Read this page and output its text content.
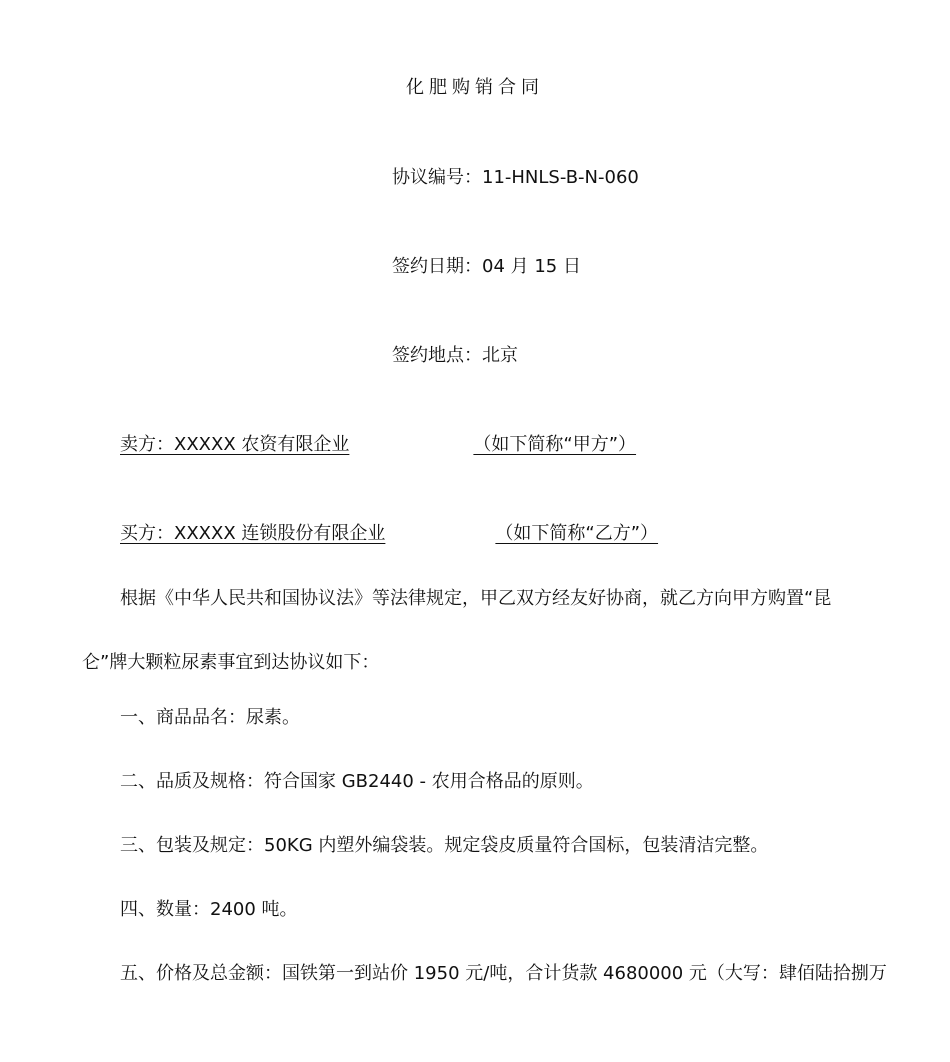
化肥购销合同
协议编号：11-HNLS-B-N-060
签约日期：04 月 15 日
签约地点：北京
卖方：XXXXX 农资有限企业	（如下简称“甲方”）
买方：XXXXX 连锁股份有限企业	（如下简称“乙方”）
根据《中华人民共和国协议法》等法律规定，甲乙双方经友好协商，就乙方向甲方购置“昆
仑”牌大颗粒尿素事宜到达协议如下：
一、商品品名：尿素。
二、品质及规格：符合国家 GB2440 - 农用合格品的原则。
三、包装及规定：50KG 内塑外编袋装。规定袋皮质量符合国标，包装清洁完整。
四、数量：2400 吨。
五、价格及总金额：国铁第一到站价 1950 元/吨，合计货款 4680000 元（大写：肆佰陆拾捌万
